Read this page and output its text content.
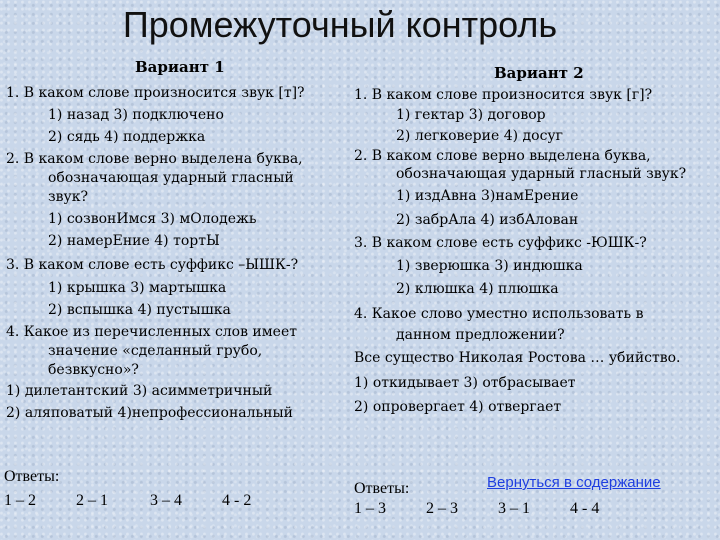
Промежуточный контроль
Вариант 1
1. В каком слове произносится звук [т]?
1) назад 3) подключено
2) сядь 4) поддержка
2. В каком слове верно выделена буква,
обозначающая ударный гласный
звук?
1) созвонИмся 3) мОлодежь
2) намерЕние 4) тортЫ
3. В каком слове есть суффикс –ЫШК-?
1) крышка 3) мартышка
2) вспышка 4) пустышка
4. Какое из перечисленных слов имеет
значение «сделанный грубо,
безвкусно»?
1) дилетантский 3) асимметричный
2) аляповатый 4)непрофессиональный
Ответы:
1 – 2	2 – 1	3 – 4	4 - 2
Вариант 2
1. В каком слове произносится звук [г]?
1) гектар 3) договор
2) легковерие 4) досуг
2. В каком слове верно выделена буква,
обозначающая ударный гласный звук?
1) издАвна 3)намЕрение
2) забрАла 4) избАлован
3. В каком слове есть суффикс -ЮШК-?
1) зверюшка 3) индюшка
2) клюшка 4) плюшка
4. Какое слово уместно использовать в
данном предложении?
Все существо Николая Ростова … убийство.
1) откидывает 3) отбрасывает
2) опровергает 4) отвергает
Ответы:
1 – 3	2 – 3	3 – 1	4 - 4
Вернуться в содержание
